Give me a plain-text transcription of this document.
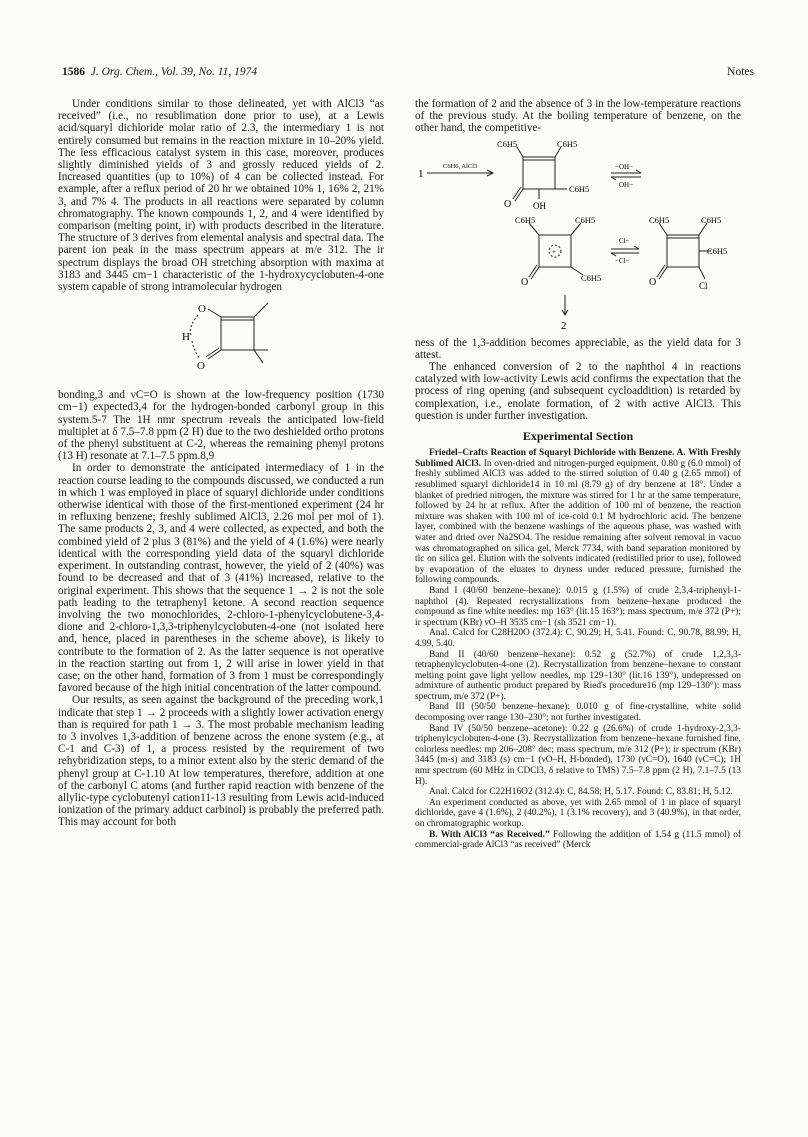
1586 J. Org. Chem., Vol. 39, No. 11, 1974	Notes

Under conditions similar to those delineated, yet with AlCl3 “as received” (i.e., no resublimation done prior to use), at a Lewis acid/squaryl dichloride molar ratio of 2.3, the intermediary 1 is not entirely consumed but remains in the reaction mixture in 10–20% yield. The less efficacious catalyst system in this case, moreover, produces slightly diminished yields of 3 and grossly reduced yields of 2. Increased quantities (up to 10%) of 4 can be collected instead. For example, after a reflux period of 20 hr we obtained 10% 1, 16% 2, 21% 3, and 7% 4. The products in all reactions were separated by column chromatography. The known compounds 1, 2, and 4 were identified by comparison (melting point, ir) with products described in the literature. The structure of 3 derives from elemental analysis and spectral data. The parent ion peak in the mass spectrum appears at m/e 312. The ir spectrum displays the broad OH stretching absorption with maxima at 3183 and 3445 cm−1 characteristic of the 1-hydroxycyclobuten-4-one system capable of strong intramolecular hydrogen

O
H
O

bonding,3 and νC=O is shown at the low-frequency position (1730 cm−1) expected3,4 for the hydrogen-bonded carbonyl group in this system.5-7 The 1H nmr spectrum reveals the anticipated low-field multiplet at δ 7.5–7.8 ppm (2 H) due to the two deshielded ortho protons of the phenyl substituent at C-2, whereas the remaining phenyl protons (13 H) resonate at 7.1–7.5 ppm.8,9

In order to demonstrate the anticipated intermediacy of 1 in the reaction course leading to the compounds discussed, we conducted a run in which 1 was employed in place of squaryl dichloride under conditions otherwise identical with those of the first-mentioned experiment (24 hr in refluxing benzene; freshly sublimed AlCl3, 2.26 mol per mol of 1). The same products 2, 3, and 4 were collected, as expected, and both the combined yield of 2 plus 3 (81%) and the yield of 4 (1.6%) were nearly identical with the corresponding yield data of the squaryl dichloride experiment. In outstanding contrast, however, the yield of 2 (40%) was found to be decreased and that of 3 (41%) increased, relative to the original experiment. This shows that the sequence 1 → 2 is not the sole path leading to the tetraphenyl ketone. A second reaction sequence involving the two monochlorides, 2-chloro-1-phenylcyclobutene-3,4-dione and 2-chloro-1,3,3-triphenylcyclobuten-4-one (not isolated here and, hence, placed in parentheses in the scheme above), is likely to contribute to the formation of 2. As the latter sequence is not operative in the reaction starting out from 1, 2 will arise in lower yield in that case; on the other hand, formation of 3 from 1 must be correspondingly favored because of the high initial concentration of the latter compound.

Our results, as seen against the background of the preceding work,1 indicate that step 1 → 2 proceeds with a slightly lower activation energy than is required for path 1 → 3. The most probable mechanism leading to 3 involves 1,3-addition of benzene across the enone system (e.g., at C-1 and C-3) of 1, a process resisted by the requirement of two rehybridization steps, to a minor extent also by the steric demand of the phenyl group at C-1.10 At low temperatures, therefore, addition at one of the carbonyl C atoms (and further rapid reaction with benzene of the allylic-type cyclobutenyl cation11-13 resulting from Lewis acid-induced ionization of the primary adduct carbinol) is probably the preferred path. This may account for both

the formation of 2 and the absence of 3 in the low-temperature reactions of the previous study. At the boiling temperature of benzene, on the other hand, the competitive-

1
C6H6, AlCl3
C6H5	C6H5
C6H5
O OH
−OH−
OH−
C6H5	C6H5
+
O	C6H5
Cl−
−Cl−
C6H5	C6H5
C6H5
O	Cl
2

ness of the 1,3-addition becomes appreciable, as the yield data for 3 attest.

The enhanced conversion of 2 to the naphthol 4 in reactions catalyzed with low-activity Lewis acid confirms the expectation that the process of ring opening (and subsequent cycloaddition) is retarded by complexation, i.e., enolate formation, of 2 with active AlCl3. This question is under further investigation.

Experimental Section

Friedel–Crafts Reaction of Squaryl Dichloride with Benzene. A. With Freshly Sublimed AlCl3. In oven-dried and nitrogen-purged equipment, 0.80 g (6.0 mmol) of freshly sublimed AlCl3 was added to the stirred solution of 0.40 g (2.65 mmol) of resublimed squaryl dichloride14 in 10 ml (8.79 g) of dry benzene at 18°. Under a blanket of predried nitrogen, the mixture was stirred for 1 hr at the same temperature, followed by 24 hr at reflux. After the addition of 100 ml of benzene, the reaction mixture was shaken with 100 ml of ice-cold 0.1 M hydrochloric acid. The benzene layer, combined with the benzene washings of the aqueous phase, was washed with water and dried over Na2SO4. The residue remaining after solvent removal in vacuo was chromatographed on silica gel, Merck 7734, with band separation monitored by tlc on silica gel. Elution with the solvents indicated (redistilled prior to use), followed by evaporation of the eluates to dryness under reduced pressure, furnished the following compounds.

Band I (40/60 benzene–hexane): 0.015 g (1.5%) of crude 2,3,4-triphenyl-1-naphthol (4). Repeated recrystallizations from benzene–hexane produced the compound as fine white needles: mp 163° (lit.15 163°); mass spectrum, m/e 372 (P+); ir spectrum (KBr) νO–H 3535 cm−1 (sh 3521 cm−1).

Anal. Calcd for C28H20O (372.4): C, 90.29; H, 5.41. Found: C, 90.78, 88.99; H, 4.99, 5.40.

Band II (40/60 benzene–hexane): 0.52 g (52.7%) of crude 1,2,3,3-tetraphenylcyclobuten-4-one (2). Recrystallization from benzene–hexane to constant melting point gave light yellow needles, mp 129–130° (lit.16 139°), undepressed on admixture of authentic product prepared by Ried's procedure16 (mp 129–130°): mass spectrum, m/e 372 (P+).

Band III (50/50 benzene–hexane): 0.010 g of fine-crystalline, white solid decomposing over range 130–230°; not further investigated.

Band IV (50/50 benzene–acetone): 0.22 g (26.6%) of crude 1-hydroxy-2,3,3-triphenylcyclobuten-4-one (3). Recrystallization from benzene–hexane furnished fine, colorless needles: mp 206–208° dec; mass spectrum, m/e 312 (P+); ir spectrum (KBr) 3445 (m-s) and 3183 (s) cm−1 (νO–H, H-bonded), 1730 (νC=O), 1640 (νC=C); 1H nmr spectrum (60 MHz in CDCl3, δ relative to TMS) 7.5–7.8 ppm (2 H), 7.1–7.5 (13 H).

Anal. Calcd for C22H16O2 (312.4): C, 84.58; H, 5.17. Found: C, 83.81; H, 5.12.

An experiment conducted as above, yet with 2.65 mmol of 1 in place of squaryl dichloride, gave 4 (1.6%), 2 (40.2%), 1 (3.1% recovery), and 3 (40.9%), in that order, on chromatographic workup.

B. With AlCl3 “as Received.” Following the addition of 1.54 g (11.5 mmol) of commercial-grade AlCl3 “as received” (Merck
